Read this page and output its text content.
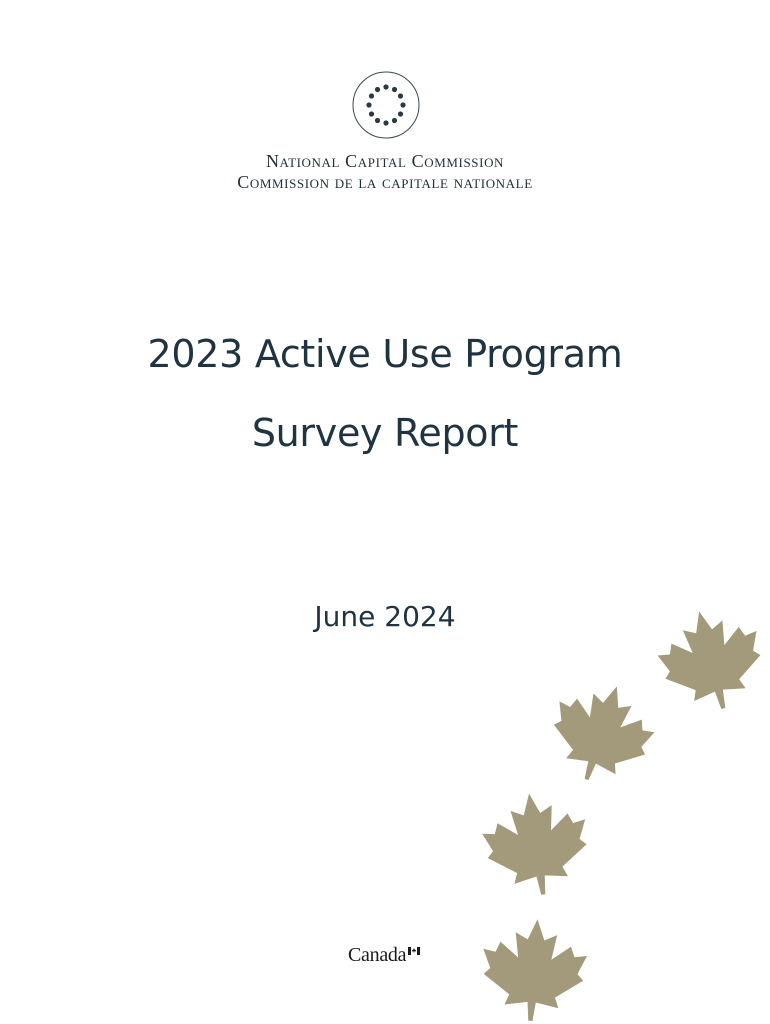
National Capital Commission
Commission de la capitale nationale
2023 Active Use Program
Survey Report
June 2024
Canada
